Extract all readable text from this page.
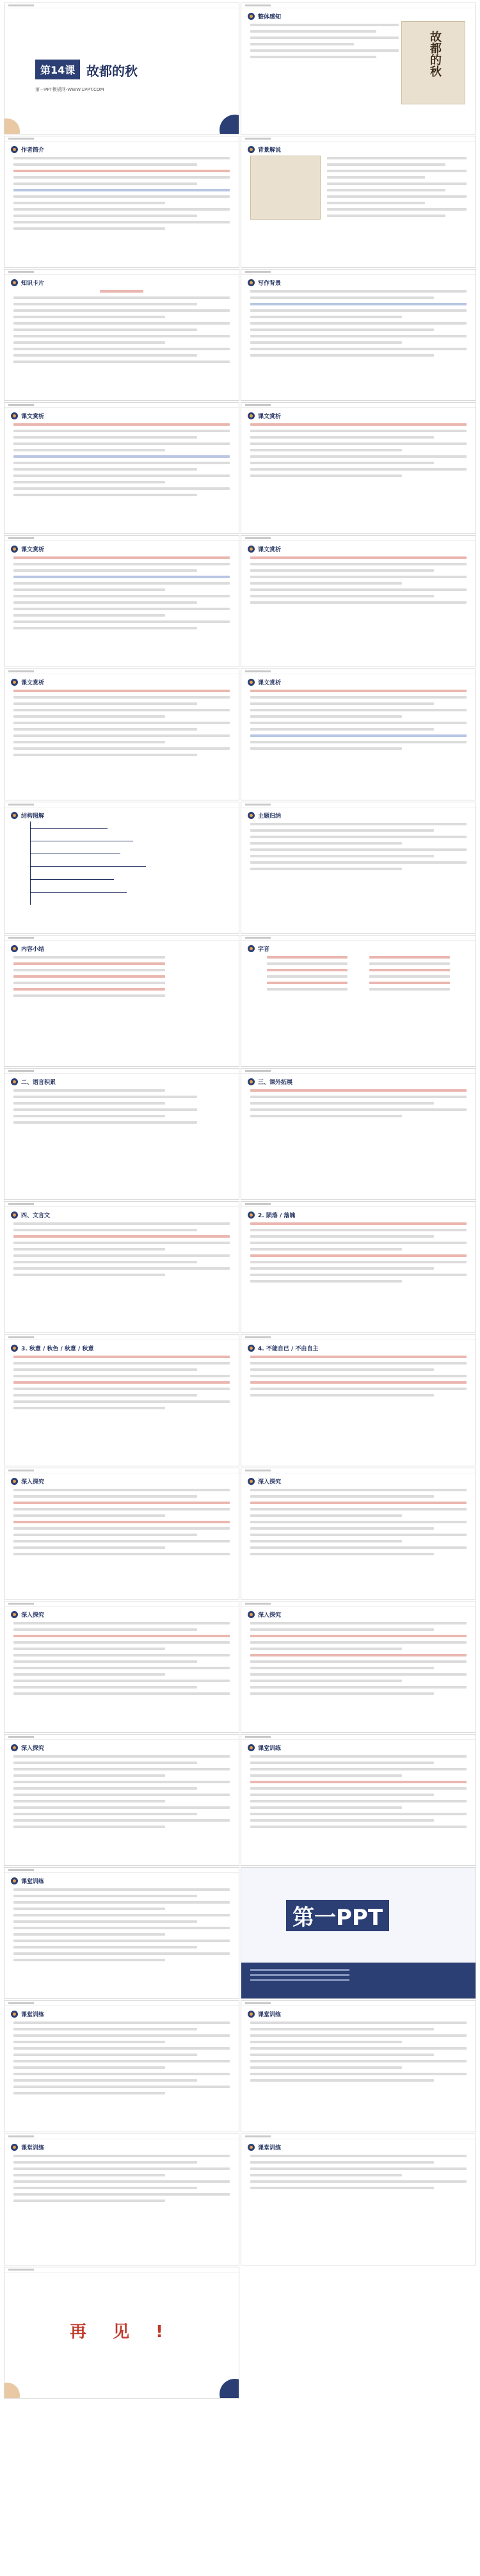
第14课 故都的秋
第一PPT模板网-WWW.1PPT.COM
整体感知
故都的秋
作者简介	背景解说
知识卡片	写作背景
课文赏析	课文赏析
课文赏析	课文赏析
课文赏析	课文赏析
结构图解	主题归纳
内容小结	字音
二、语言积累	三、课外拓展
四、文言文	2. 陨落 / 落魄
3. 秋意 / 秋色 / 秋意 / 秋意	4. 不能自已 / 不由自主
深入探究	深入探究
深入探究	深入探究
深入探究	课堂训练
课堂训练
第一PPT
课堂训练	课堂训练
课堂训练	课堂训练
再 见 !
